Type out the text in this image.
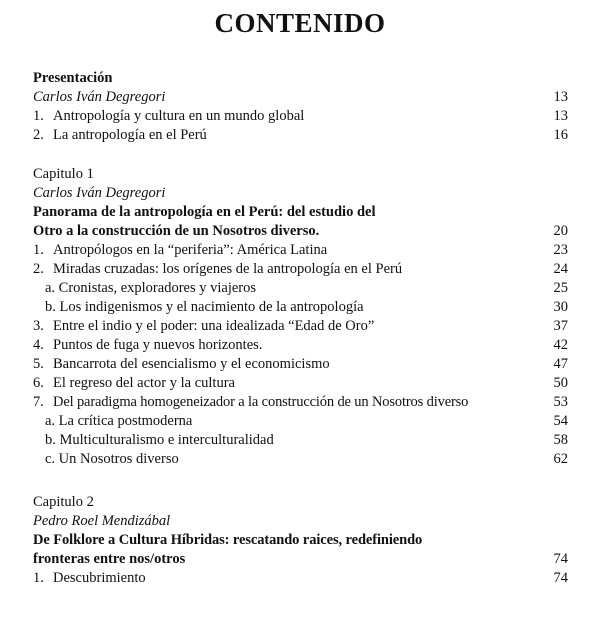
CONTENIDO
Presentación
Carlos Iván Degregori	13
1. Antropología y cultura en un mundo global	13
2. La antropología en el Perú	16
Capitulo 1
Carlos Iván Degregori
Panorama de la antropología en el Perú: del estudio del
Otro a la construcción de un Nosotros diverso.	20
1. Antropólogos en la “periferia”: América Latina	23
2. Miradas cruzadas: los orígenes de la antropología en el Perú	24
a. Cronistas, exploradores y viajeros	25
b. Los indigenismos y el nacimiento de la antropología	30
3. Entre el indio y el poder: una idealizada “Edad de Oro”	37
4. Puntos de fuga y nuevos horizontes.	42
5. Bancarrota del esencialismo y el economicismo	47
6. El regreso del actor y la cultura	50
7. Del paradigma homogeneizador a la construcción de un Nosotros diverso	53
a. La crítica postmoderna	54
b. Multiculturalismo e interculturalidad	58
c. Un Nosotros diverso	62
Capitulo 2
Pedro Roel Mendizábal
De Folklore a Cultura Híbridas: rescatando raices, redefiniendo
fronteras entre nos/otros	74
1. Descubrimiento	74
